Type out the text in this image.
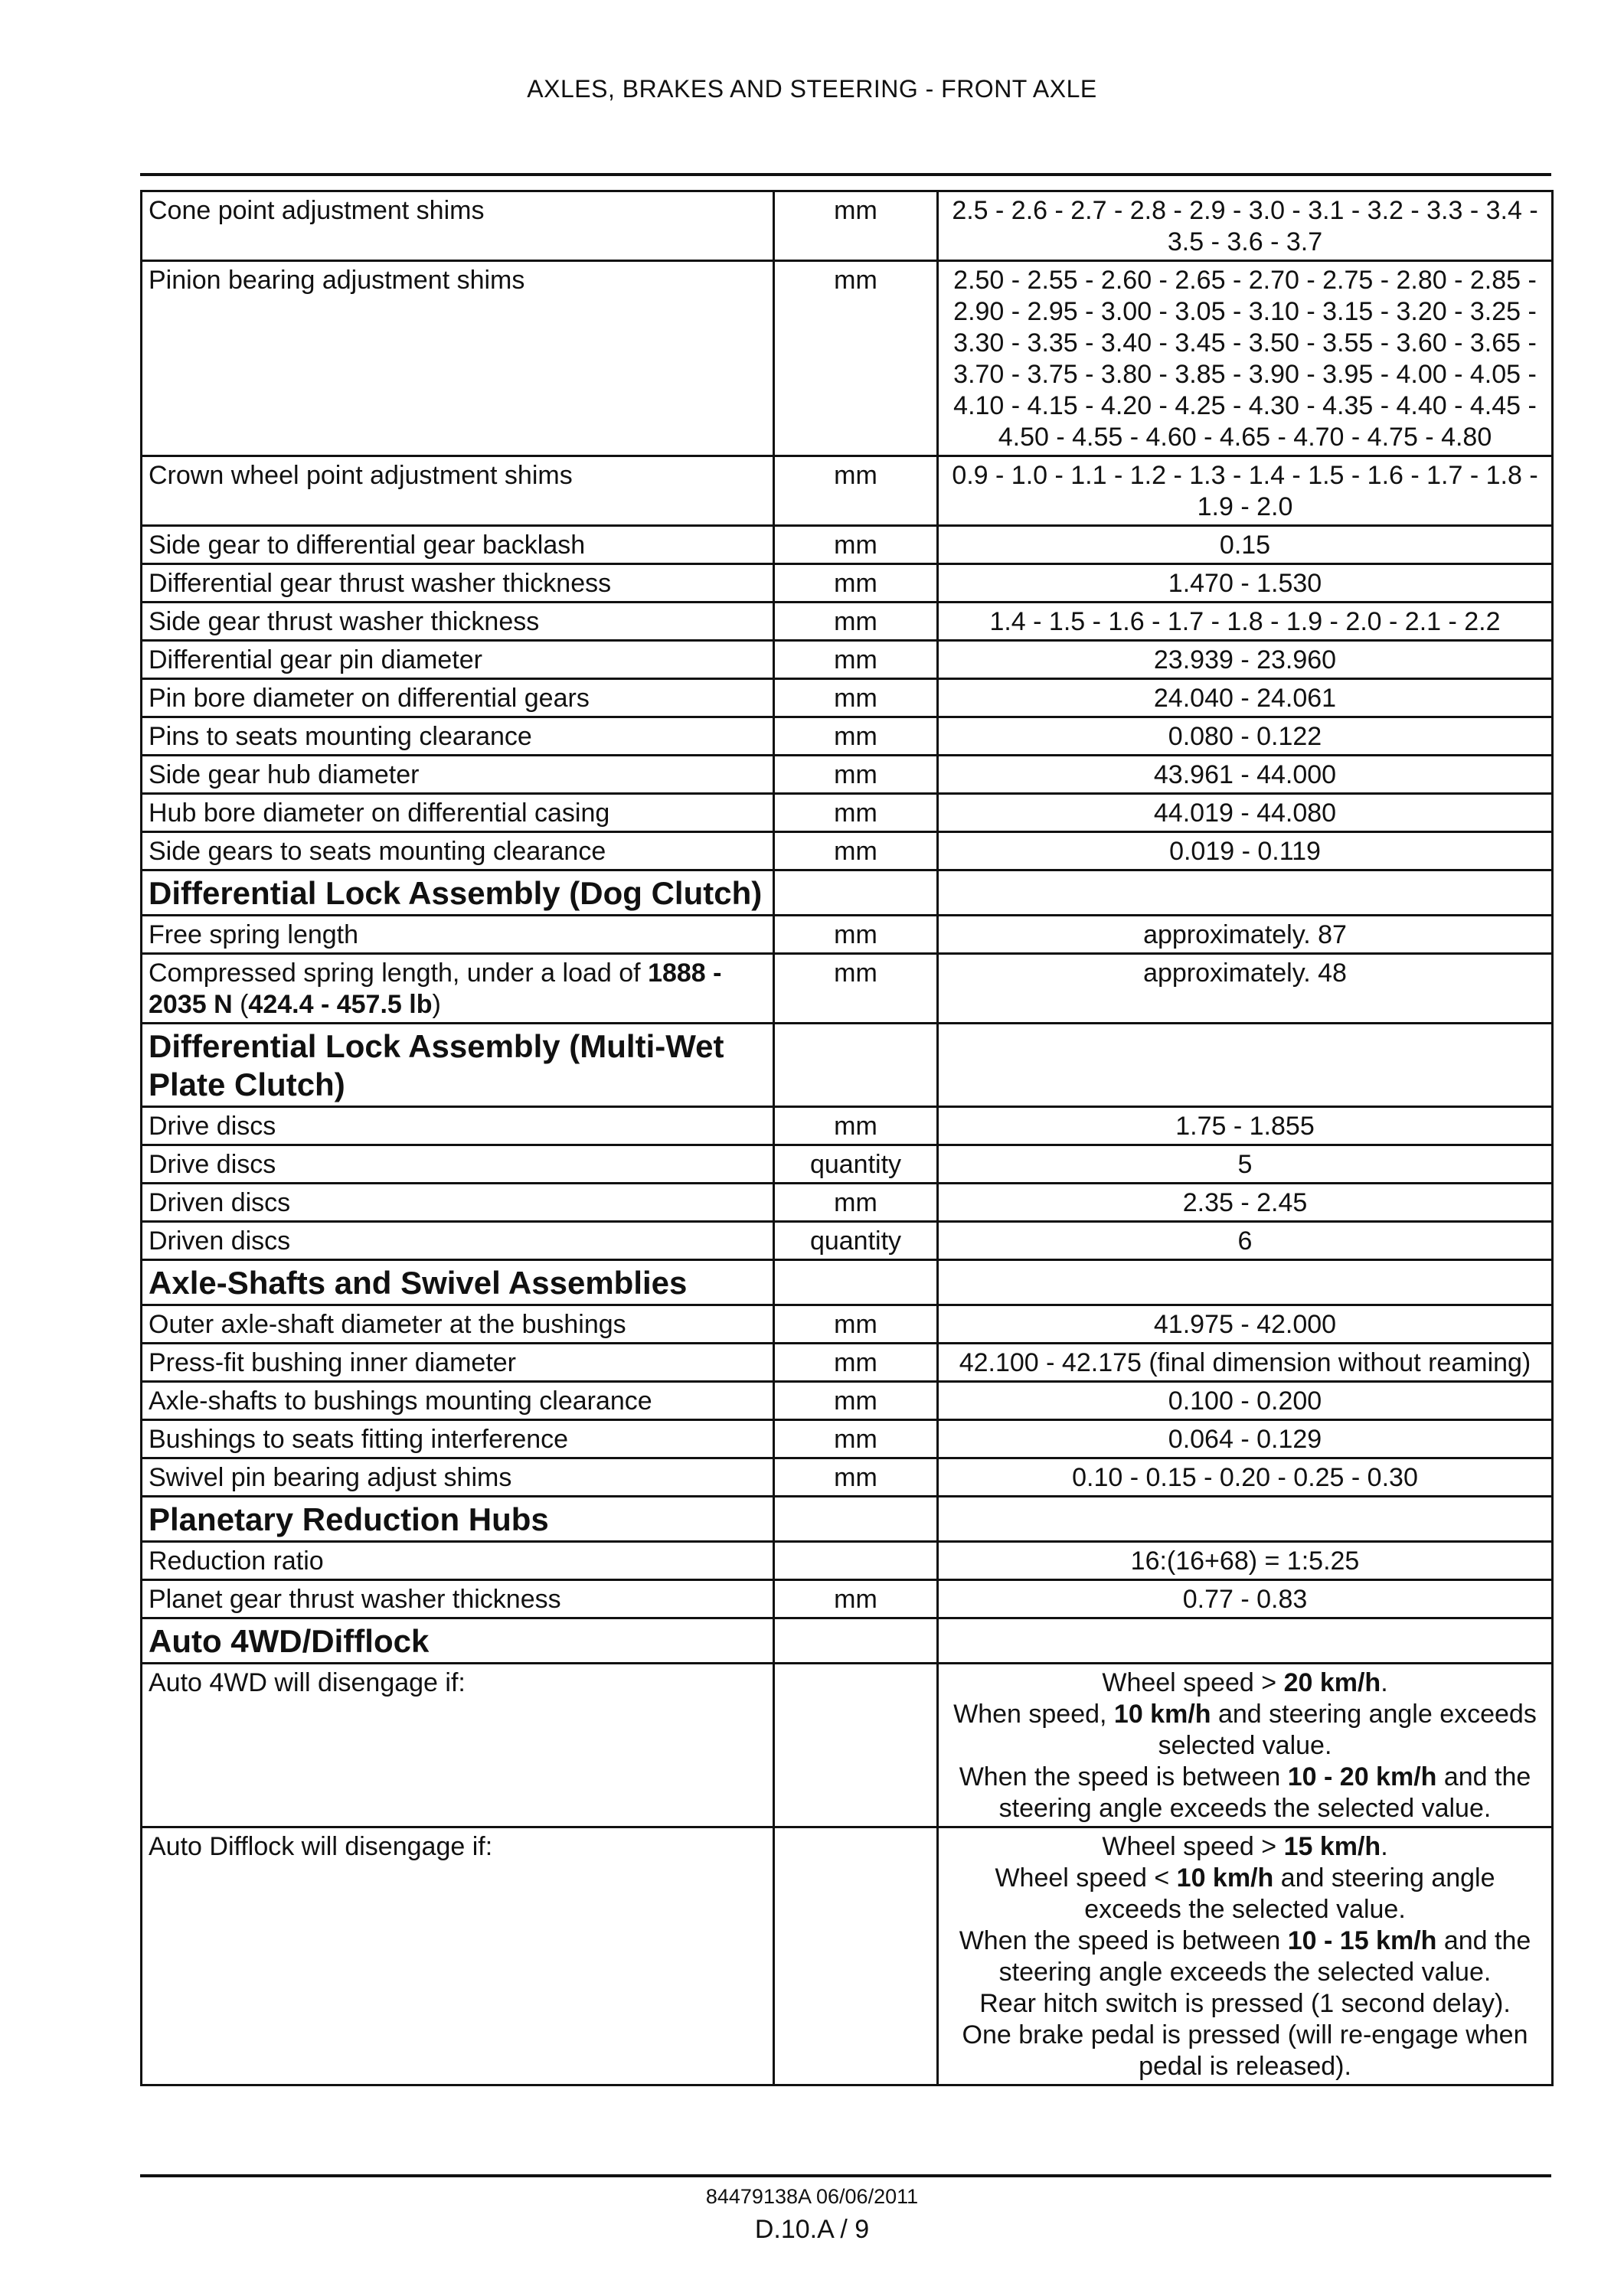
AXLES, BRAKES AND STEERING - FRONT AXLE
Cone point adjustment shims	mm	2.5 - 2.6 - 2.7 - 2.8 - 2.9 - 3.0 - 3.1 - 3.2 - 3.3 - 3.4 - 3.5 - 3.6 - 3.7
Pinion bearing adjustment shims	mm	2.50 - 2.55 - 2.60 - 2.65 - 2.70 - 2.75 - 2.80 - 2.85 - 2.90 - 2.95 - 3.00 - 3.05 - 3.10 - 3.15 - 3.20 - 3.25 - 3.30 - 3.35 - 3.40 - 3.45 - 3.50 - 3.55 - 3.60 - 3.65 - 3.70 - 3.75 - 3.80 - 3.85 - 3.90 - 3.95 - 4.00 - 4.05 - 4.10 - 4.15 - 4.20 - 4.25 - 4.30 - 4.35 - 4.40 - 4.45 - 4.50 - 4.55 - 4.60 - 4.65 - 4.70 - 4.75 - 4.80
Crown wheel point adjustment shims	mm	0.9 - 1.0 - 1.1 - 1.2 - 1.3 - 1.4 - 1.5 - 1.6 - 1.7 - 1.8 - 1.9 - 2.0
Side gear to differential gear backlash	mm	0.15
Differential gear thrust washer thickness	mm	1.470 - 1.530
Side gear thrust washer thickness	mm	1.4 - 1.5 - 1.6 - 1.7 - 1.8 - 1.9 - 2.0 - 2.1 - 2.2
Differential gear pin diameter	mm	23.939 - 23.960
Pin bore diameter on differential gears	mm	24.040 - 24.061
Pins to seats mounting clearance	mm	0.080 - 0.122
Side gear hub diameter	mm	43.961 - 44.000
Hub bore diameter on differential casing	mm	44.019 - 44.080
Side gears to seats mounting clearance	mm	0.019 - 0.119
Differential Lock Assembly (Dog Clutch)		
Free spring length	mm	approximately. 87
Compressed spring length, under a load of 1888 - 2035 N (424.4 - 457.5 lb)	mm	approximately. 48
Differential Lock Assembly (Multi-Wet Plate Clutch)		
Drive discs	mm	1.75 - 1.855
Drive discs	quantity	5
Driven discs	mm	2.35 - 2.45
Driven discs	quantity	6
Axle-Shafts and Swivel Assemblies		
Outer axle-shaft diameter at the bushings	mm	41.975 - 42.000
Press-fit bushing inner diameter	mm	42.100 - 42.175 (final dimension without reaming)
Axle-shafts to bushings mounting clearance	mm	0.100 - 0.200
Bushings to seats fitting interference	mm	0.064 - 0.129
Swivel pin bearing adjust shims	mm	0.10 - 0.15 - 0.20 - 0.25 - 0.30
Planetary Reduction Hubs		
Reduction ratio		16:(16+68) = 1:5.25
Planet gear thrust washer thickness	mm	0.77 - 0.83
Auto 4WD/Difflock		
Auto 4WD will disengage if:		Wheel speed > 20 km/h.
When speed, 10 km/h and steering angle exceeds selected value.
When the speed is between 10 - 20 km/h and the steering angle exceeds the selected value.

Auto Difflock will disengage if:		Wheel speed > 15 km/h.
Wheel speed < 10 km/h and steering angle exceeds the selected value.
When the speed is between 10 - 15 km/h and the steering angle exceeds the selected value.
Rear hitch switch is pressed (1 second delay).
One brake pedal is pressed (will re-engage when pedal is released).
84479138A 06/06/2011
D.10.A / 9
